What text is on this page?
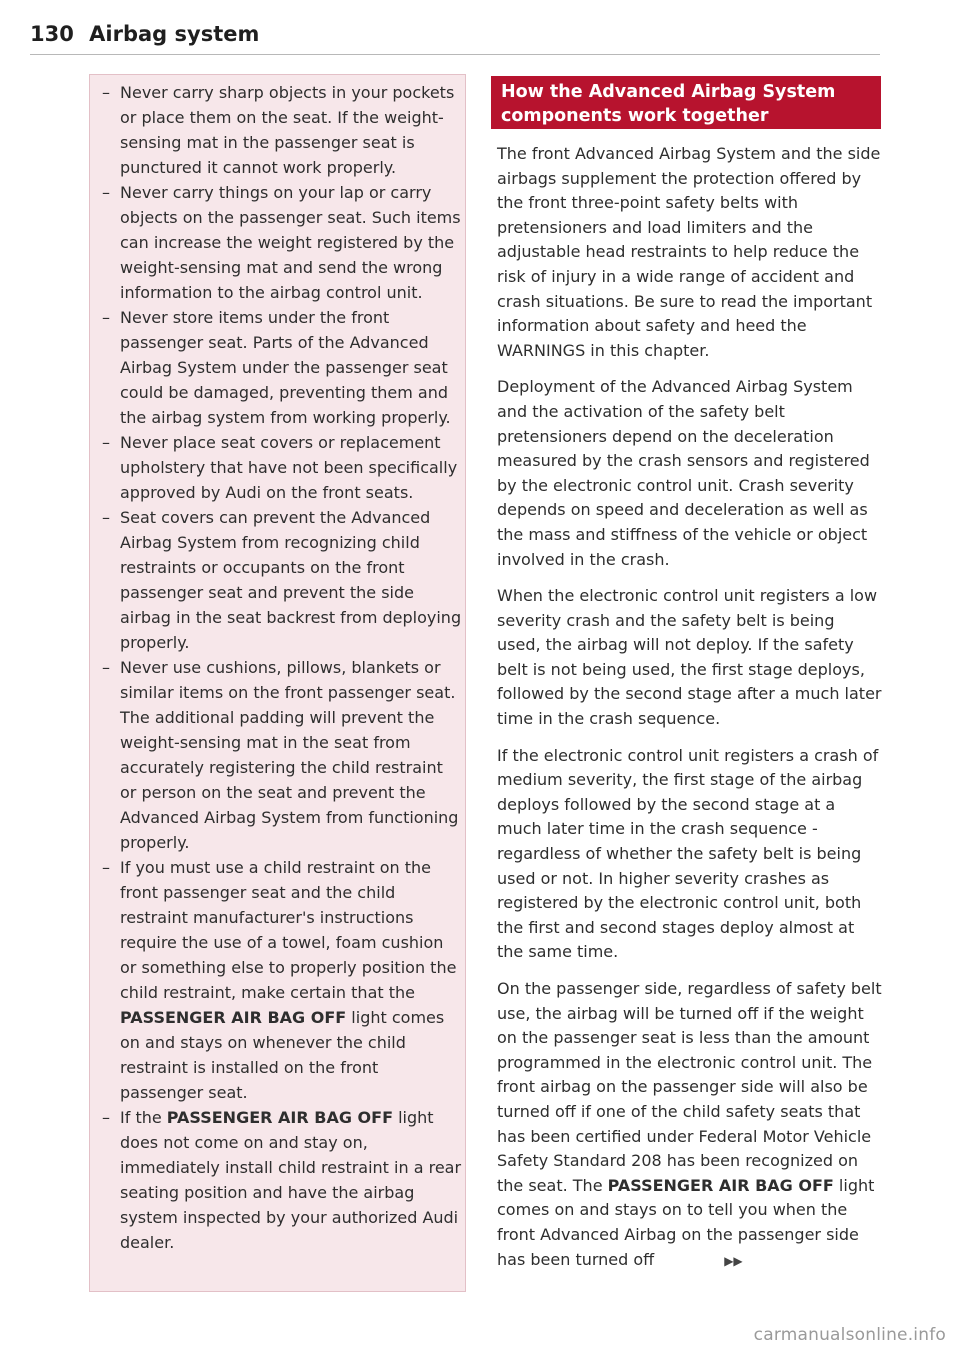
130 Airbag system
– Never carry sharp objects in your pockets or place them on the seat. If the weight-sensing mat in the passenger seat is punctured it cannot work properly.
– Never carry things on your lap or carry objects on the passenger seat. Such items can increase the weight registered by the weight-sensing mat and send the wrong information to the airbag control unit.
– Never store items under the front passenger seat. Parts of the Advanced Airbag System under the passenger seat could be damaged, preventing them and the airbag system from working properly.
– Never place seat covers or replacement upholstery that have not been specifically approved by Audi on the front seats.
– Seat covers can prevent the Advanced Airbag System from recognizing child restraints or occupants on the front passenger seat and prevent the side airbag in the seat backrest from deploying properly.
– Never use cushions, pillows, blankets or similar items on the front passenger seat. The additional padding will prevent the weight-sensing mat in the seat from accurately registering the child restraint or person on the seat and prevent the Advanced Airbag System from functioning properly.
– If you must use a child restraint on the front passenger seat and the child restraint manufacturer's instructions require the use of a towel, foam cushion or something else to properly position the child restraint, make certain that the PASSENGER AIR BAG OFF light comes on and stays on whenever the child restraint is installed on the front passenger seat.
– If the PASSENGER AIR BAG OFF light does not come on and stay on, immediately install child restraint in a rear seating position and have the airbag system inspected by your authorized Audi dealer.
How the Advanced Airbag System components work together

The front Advanced Airbag System and the side airbags supplement the protection offered by the front three-point safety belts with pretensioners and load limiters and the adjustable head restraints to help reduce the risk of injury in a wide range of accident and crash situations. Be sure to read the important information about safety and heed the WARNINGS in this chapter.

Deployment of the Advanced Airbag System and the activation of the safety belt pretensioners depend on the deceleration measured by the crash sensors and registered by the electronic control unit. Crash severity depends on speed and deceleration as well as the mass and stiffness of the vehicle or object involved in the crash.

When the electronic control unit registers a low severity crash and the safety belt is being used, the airbag will not deploy. If the safety belt is not being used, the first stage deploys, followed by the second stage after a much later time in the crash sequence.

If the electronic control unit registers a crash of medium severity, the first stage of the airbag deploys followed by the second stage at a much later time in the crash sequence - regardless of whether the safety belt is being used or not. In higher severity crashes as registered by the electronic control unit, both the first and second stages deploy almost at the same time.

On the passenger side, regardless of safety belt use, the airbag will be turned off if the weight on the passenger seat is less than the amount programmed in the electronic control unit. The front airbag on the passenger side will also be turned off if one of the child safety seats that has been certified under Federal Motor Vehicle Safety Standard 208 has been recognized on the seat. The PASSENGER AIR BAG OFF light comes on and stays on to tell you when the front Advanced Airbag on the passenger side has been turned off	▶▶

carmanualsonline.info
